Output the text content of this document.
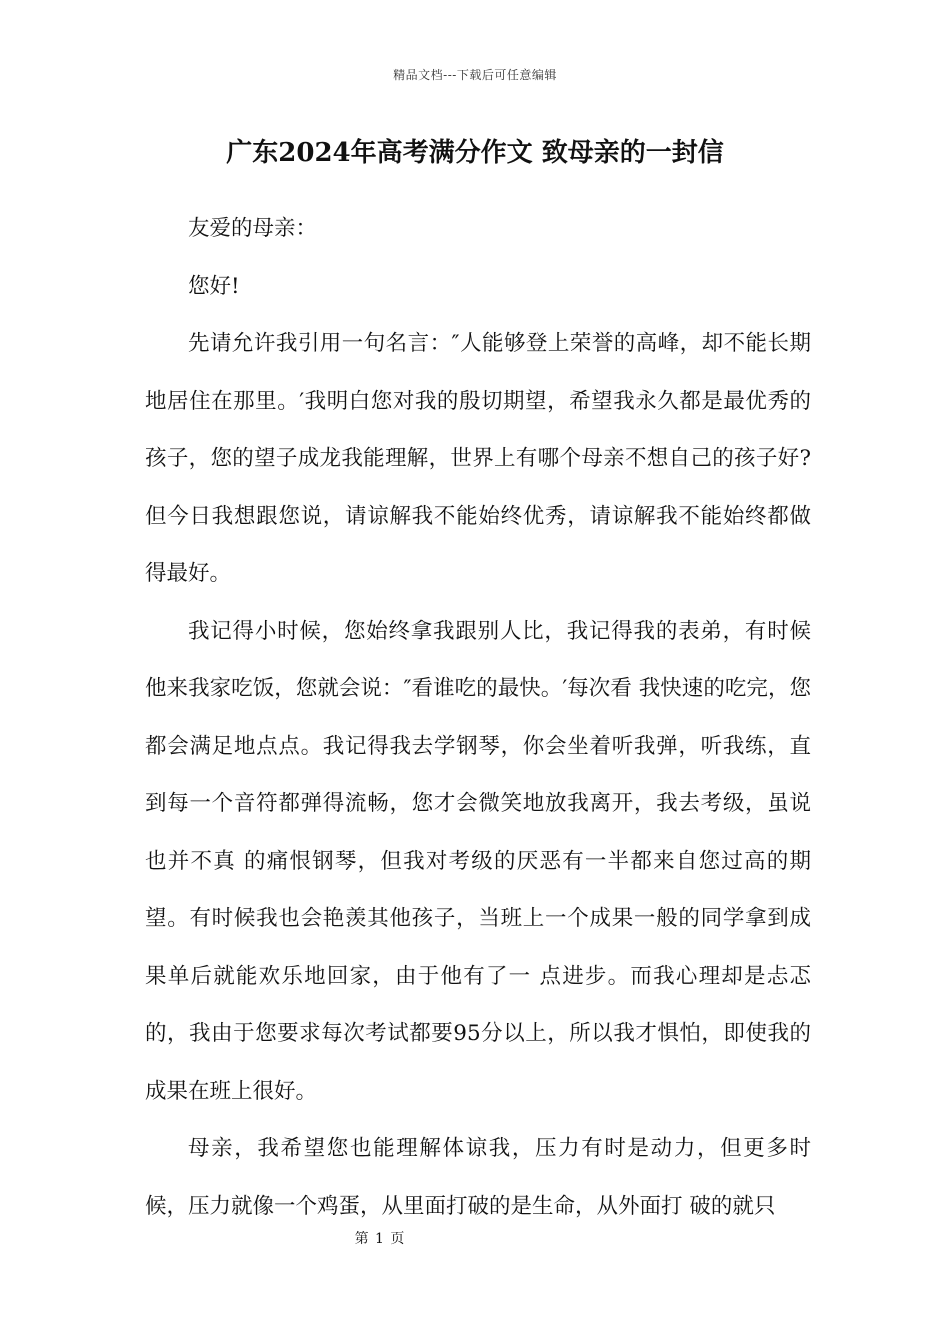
精品文档---下载后可任意编辑
广东2024年高考满分作文 致母亲的一封信

友爱的母亲：

您好!

先请允许我引用一句名言：″人能够登上荣誉的高峰，却不能长期地居住在那里。′我明白您对我的殷切期望，希望我永久都是最优秀的孩子，您的望子成龙我能理解，世界上有哪个母亲不想自己的孩子好?但今日我想跟您说，请谅解我不能始终优秀，请谅解我不能始终都做得最好。

我记得小时候，您始终拿我跟别人比，我记得我的表弟，有时候他来我家吃饭，您就会说：″看谁吃的最快。′每次看 我快速的吃完，您都会满足地点点。我记得我去学钢琴，你会坐着听我弹，听我练，直到每一个音符都弹得流畅，您才会微笑地放我离开，我去考级，虽说也并不真 的痛恨钢琴，但我对考级的厌恶有一半都来自您过高的期望。有时候我也会艳羡其他孩子，当班上一个成果一般的同学拿到成果单后就能欢乐地回家，由于他有了一 点进步。而我心理却是忐忑的，我由于您要求每次考试都要95分以上，所以我才惧怕，即使我的成果在班上很好。

母亲，我希望您也能理解体谅我，压力有时是动力，但更多时候，压力就像一个鸡蛋，从里面打破的是生命，从外面打 破的就只

第 1 页
